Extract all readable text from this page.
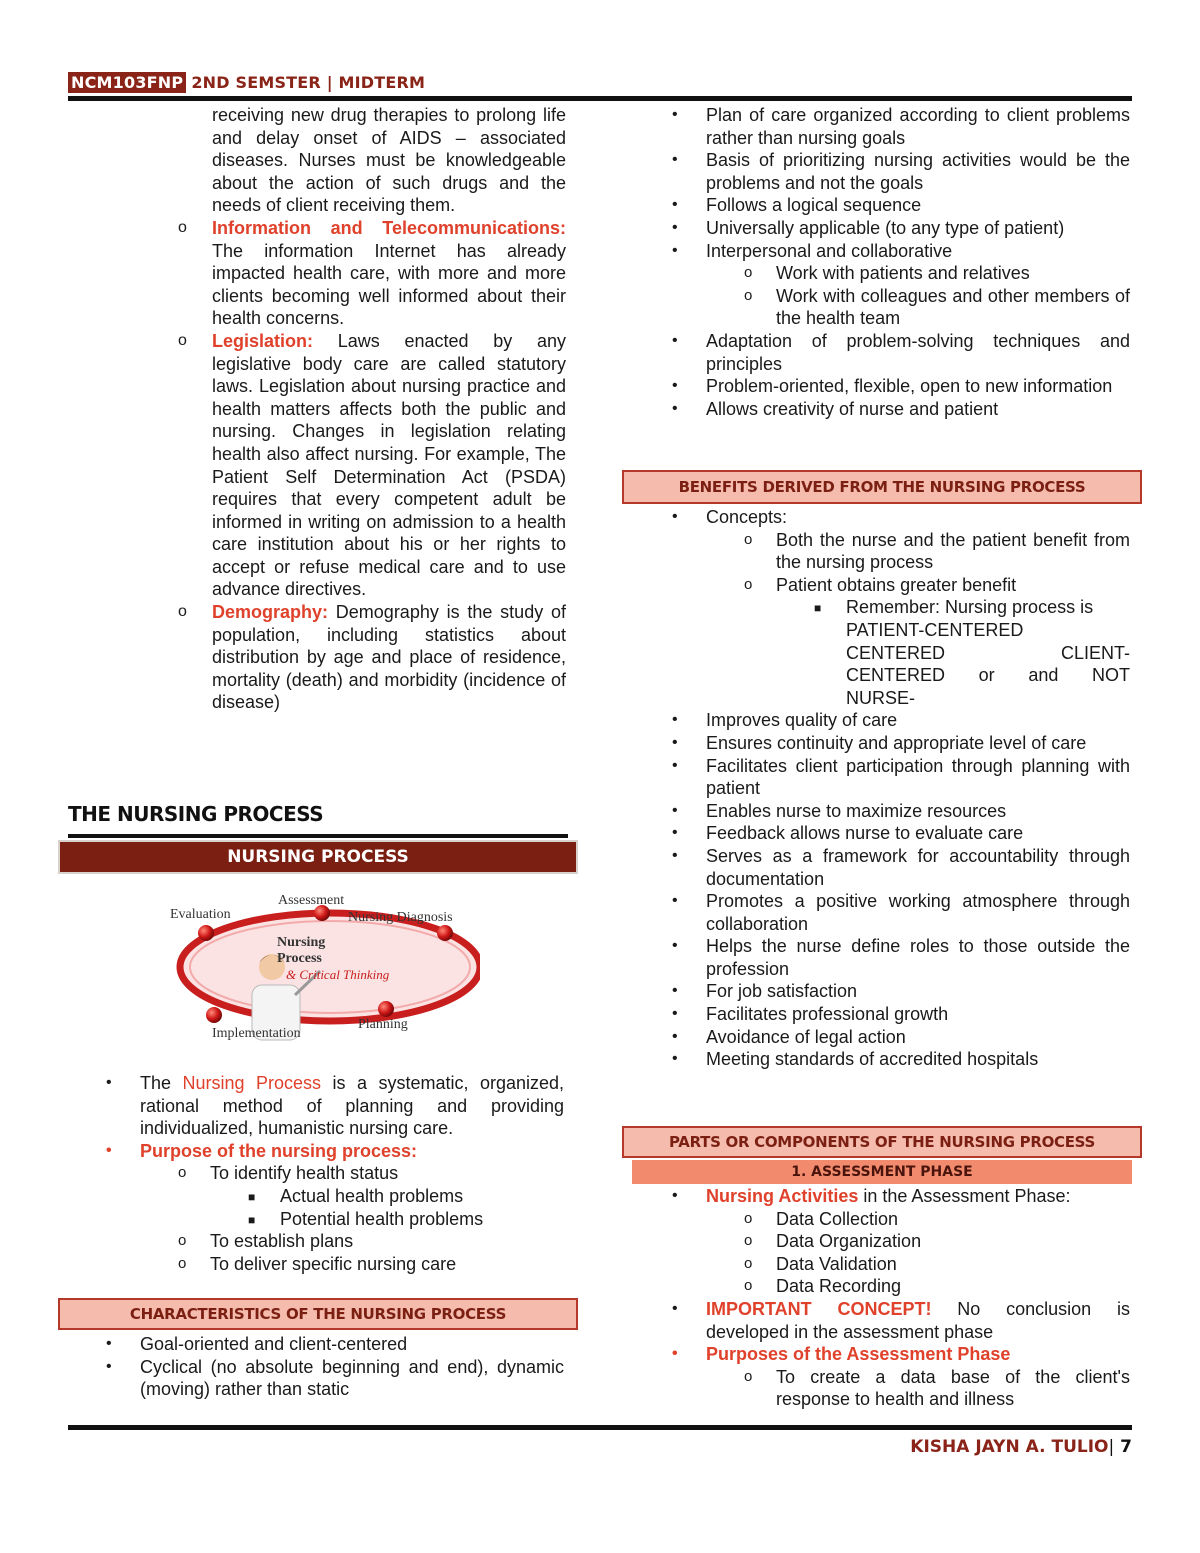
NCM103FNP 2ND SEMSTER | MIDTERM
receiving new drug therapies to prolong life and delay onset of AIDS – associated diseases. Nurses must be knowledgeable about the action of such drugs and the needs of client receiving them.
o Information and Telecommunications: The information Internet has already impacted health care, with more and more clients becoming well informed about their health concerns.
o Legislation: Laws enacted by any legislative body care are called statutory laws. Legislation about nursing practice and health matters affects both the public and nursing. Changes in legislation relating health also affect nursing. For example, The Patient Self Determination Act (PSDA) requires that every competent adult be informed in writing on admission to a health care institution about his or her rights to accept or refuse medical care and to use advance directives.
o Demography: Demography is the study of population, including statistics about distribution by age and place of residence, mortality (death) and morbidity (incidence of disease)
THE NURSING PROCESS
NURSING PROCESS
Assessment
Evaluation	Nursing Diagnosis
Nursing
Process
& Critical Thinking
Implementation
Planning
• The Nursing Process is a systematic, organized, rational method of planning and providing individualized, humanistic nursing care.
• Purpose of the nursing process:
o To identify health status
■ Actual health problems
■ Potential health problems
o To establish plans
o To deliver specific nursing care
CHARACTERISTICS OF THE NURSING PROCESS
• Goal-oriented and client-centered
• Cyclical (no absolute beginning and end), dynamic (moving) rather than static
• Plan of care organized according to client problems rather than nursing goals
• Basis of prioritizing nursing activities would be the problems and not the goals
• Follows a logical sequence
• Universally applicable (to any type of patient)
• Interpersonal and collaborative
o Work with patients and relatives
o Work with colleagues and other members of the health team
• Adaptation of problem-solving techniques and principles
• Problem-oriented, flexible, open to new information
• Allows creativity of nurse and patient
BENEFITS DERIVED FROM THE NURSING PROCESS
• Concepts:
o Both the nurse and the patient benefit from the nursing process
o Patient obtains greater benefit
■ Remember: Nursing process is
PATIENT-CENTERED
CENTERED	CLIENT-
CENTERED or and NOT
NURSE-
• Improves quality of care
• Ensures continuity and appropriate level of care
• Facilitates client participation through planning with patient
• Enables nurse to maximize resources
• Feedback allows nurse to evaluate care
• Serves as a framework for accountability through documentation
• Promotes a positive working atmosphere through collaboration
• Helps the nurse define roles to those outside the profession
• For job satisfaction
• Facilitates professional growth
• Avoidance of legal action
• Meeting standards of accredited hospitals
PARTS OR COMPONENTS OF THE NURSING PROCESS
1. ASSESSMENT PHASE
• Nursing Activities in the Assessment Phase:
o Data Collection
o Data Organization
o Data Validation
o Data Recording
• IMPORTANT CONCEPT! No conclusion is developed in the assessment phase
• Purposes of the Assessment Phase
o To create a data base of the client's response to health and illness
KISHA JAYN A. TULIO| 7
